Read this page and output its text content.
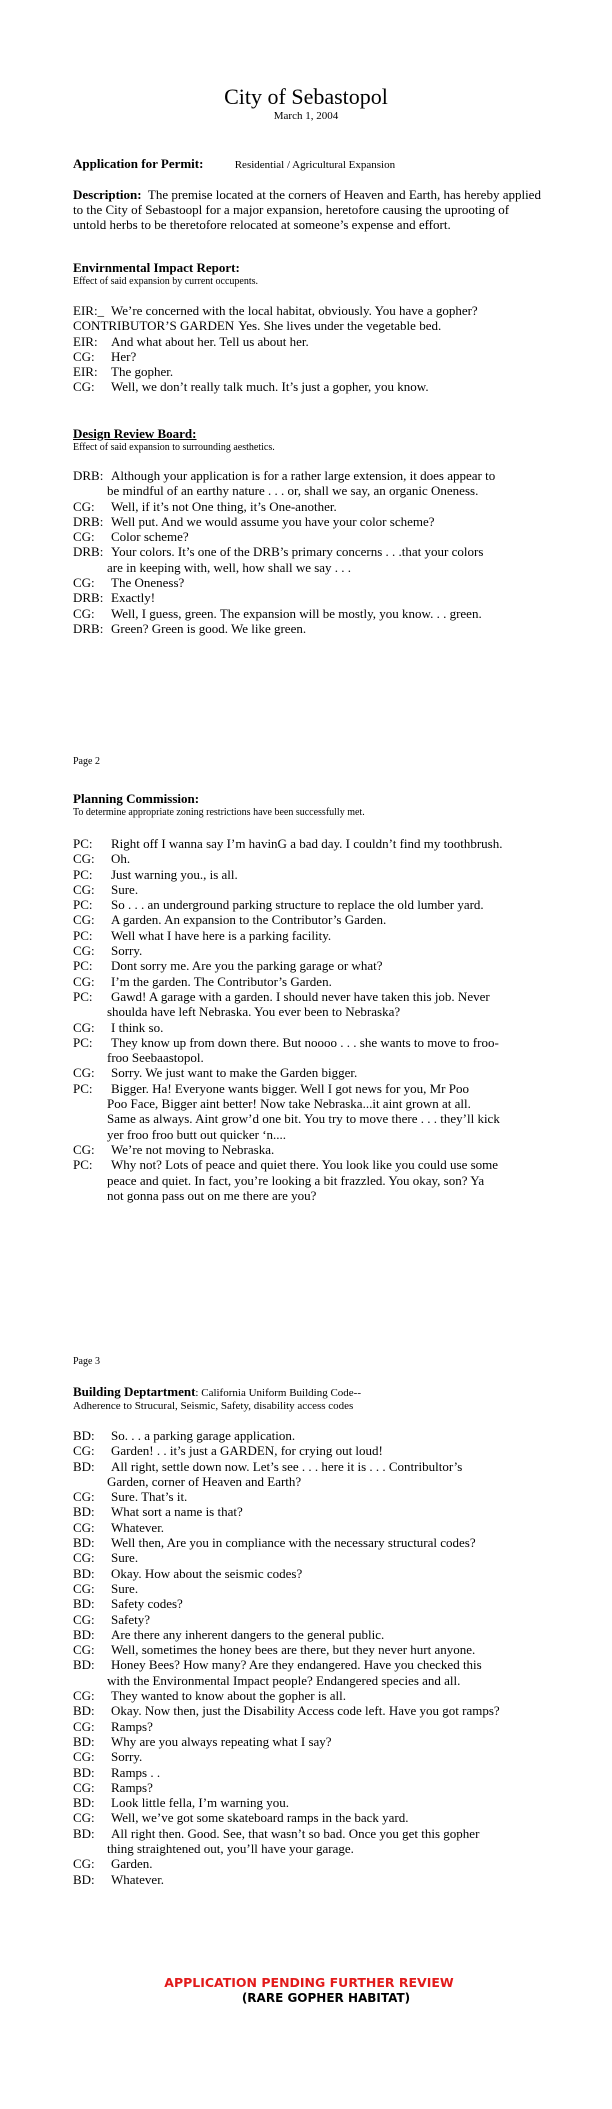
City of Sebastopol
March 1, 2004
Application for Permit:	Residential / Agricultural Expansion
Description: The premise located at the corners of Heaven and Earth, has hereby applied to the City of Sebastoopl for a major expansion, heretofore causing the uprooting of untold herbs to be theretofore relocated at someone’s expense and effort.
Envirnmental Impact Report:
Effect of said expansion by current occupents.
EIR:_ We’re concerned with the local habitat, obviously. You have a gopher?
CONTRIBUTOR’S GARDEN Yes. She lives under the vegetable bed.
EIR:	And what about her. Tell us about her.
CG:	Her?
EIR:	The gopher.
CG:	Well, we don’t really talk much. It’s just a gopher, you know.
Design Review Board:
Effect of said expansion to surrounding aesthetics.
DRB: Although your application is for a rather large extension, it does appear to
be mindful of an earthy nature . . . or, shall we say, an organic Oneness.
CG:	Well, if it’s not One thing, it’s One-another.
DRB: Well put. And we would assume you have your color scheme?
CG:	Color scheme?
DRB: Your colors. It’s one of the DRB’s primary concerns . . .that your colors
are in keeping with, well, how shall we say . . .
CG:	The Oneness?
DRB: Exactly!
CG:	Well, I guess, green. The expansion will be mostly, you know. . . green.
DRB: Green? Green is good. We like green.
Page 2
Planning Commission:
To determine appropriate zoning restrictions have been successfully met.
PC:	Right off I wanna say I’m havinG a bad day. I couldn’t find my toothbrush.
CG:	Oh.
PC:	Just warning you., is all.
CG:	Sure.
PC:	So . . . an underground parking structure to replace the old lumber yard.
CG:	A garden. An expansion to the Contributor’s Garden.
PC:	Well what I have here is a parking facility.
CG:	Sorry.
PC:	Dont sorry me. Are you the parking garage or what?
CG:	I’m the garden. The Contributor’s Garden.
PC:	Gawd! A garage with a garden. I should never have taken this job. Never
shoulda have left Nebraska. You ever been to Nebraska?
CG:	I think so.
PC:	They know up from down there. But noooo . . . she wants to move to froo-
froo Seebaastopol.
CG:	Sorry. We just want to make the Garden bigger.
PC:	Bigger. Ha! Everyone wants bigger. Well I got news for you, Mr Poo
Poo Face, Bigger aint better! Now take Nebraska...it aint grown at all.
Same as always. Aint grow’d one bit. You try to move there . . . they’ll kick
yer froo froo butt out quicker ‘n....
CG:	We’re not moving to Nebraska.
PC:	Why not? Lots of peace and quiet there. You look like you could use some
peace and quiet. In fact, you’re looking a bit frazzled. You okay, son? Ya
not gonna pass out on me there are you?
Page 3
Building Deptartment: California Uniform Building Code--
Adherence to Strucural, Seismic, Safety, disability access codes
BD:	So. . . a parking garage application.
CG:	Garden! . . it’s just a GARDEN, for crying out loud!
BD:	All right, settle down now. Let’s see . . . here it is . . . Contribultor’s
Garden, corner of Heaven and Earth?
CG:	Sure. That’s it.
BD:	What sort a name is that?
CG:	Whatever.
BD:	Well then, Are you in compliance with the necessary structural codes?
CG:	Sure.
BD:	Okay. How about the seismic codes?
CG:	Sure.
BD:	Safety codes?
CG:	Safety?
BD:	Are there any inherent dangers to the general public.
CG:	Well, sometimes the honey bees are there, but they never hurt anyone.
BD:	Honey Bees? How many? Are they endangered. Have you checked this
with the Environmental Impact people? Endangered species and all.
CG:	They wanted to know about the gopher is all.
BD:	Okay. Now then, just the Disability Access code left. Have you got ramps?
CG:	Ramps?
BD:	Why are you always repeating what I say?
CG:	Sorry.
BD:	Ramps . .
CG:	Ramps?
BD:	Look little fella, I’m warning you.
CG:	Well, we’ve got some skateboard ramps in the back yard.
BD:	All right then. Good. See, that wasn’t so bad. Once you get this gopher
thing straightened out, you’ll have your garage.
CG:	Garden.
BD:	Whatever.
APPLICATION PENDING FURTHER REVIEW
(RARE GOPHER HABITAT)
